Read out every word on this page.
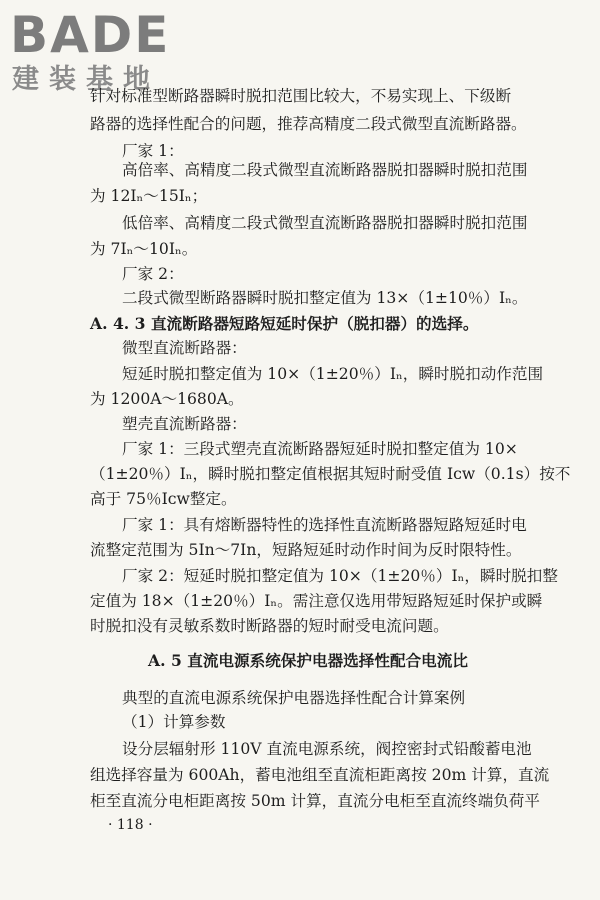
BADE
建装基地
针对标准型断路器瞬时脱扣范围比较大，不易实现上、下级断
路器的选择性配合的问题，推荐高精度二段式微型直流断路器。
厂家 1：
高倍率、高精度二段式微型直流断路器脱扣器瞬时脱扣范围
为 12Iₙ～15Iₙ；
低倍率、高精度二段式微型直流断路器脱扣器瞬时脱扣范围
为 7Iₙ～10Iₙ。
厂家 2：
二段式微型断路器瞬时脱扣整定值为 13×（1±10％）Iₙ。
A. 4. 3 直流断路器短路短延时保护（脱扣器）的选择。
微型直流断路器：
短延时脱扣整定值为 10×（1±20％）Iₙ，瞬时脱扣动作范围
为 1200A～1680A。
塑壳直流断路器：
厂家 1：三段式塑壳直流断路器短延时脱扣整定值为 10×
（1±20％）Iₙ，瞬时脱扣整定值根据其短时耐受值 Iᴄᴡ（0.1s）按不
高于 75％Iᴄᴡ整定。
厂家 1：具有熔断器特性的选择性直流断路器短路短延时电
流整定范围为 5In～7In，短路短延时动作时间为反时限特性。
厂家 2：短延时脱扣整定值为 10×（1±20％）Iₙ，瞬时脱扣整
定值为 18×（1±20％）Iₙ。需注意仅选用带短路短延时保护或瞬
时脱扣没有灵敏系数时断路器的短时耐受电流问题。
A. 5 直流电源系统保护电器选择性配合电流比
典型的直流电源系统保护电器选择性配合计算案例
（1）计算参数
设分层辐射形 110V 直流电源系统，阀控密封式铅酸蓄电池
组选择容量为 600Ah，蓄电池组至直流柜距离按 20m 计算，直流
柜至直流分电柜距离按 50m 计算，直流分电柜至直流终端负荷平
· 118 ·
